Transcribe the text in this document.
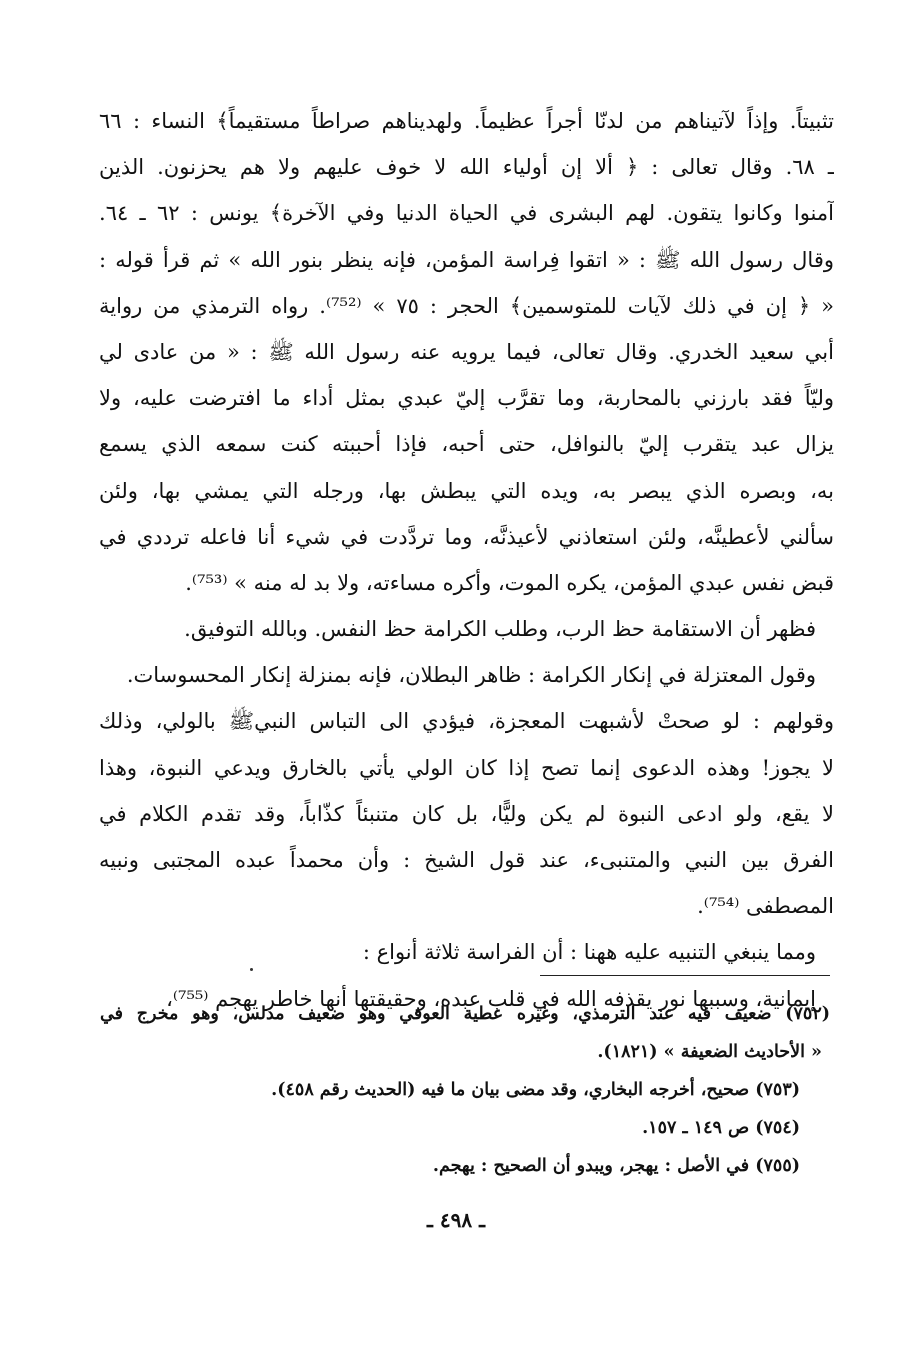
تثبيتاً. وإذاً لآتيناهم من لدنّا أجراً عظيماً. ولهديناهم صراطاً مستقيماً﴾ النساء : ٦٦
ـ ٦٨. وقال تعالى : ﴿ ألا إن أولياء الله لا خوف عليهم ولا هم يحزنون. الذين
آمنوا وكانوا يتقون. لهم البشرى في الحياة الدنيا وفي الآخرة﴾ يونس : ٦٢ ـ ٦٤.
وقال رسول الله ﷺ : « اتقوا فِراسة المؤمن، فإنه ينظر بنور الله » ثم قرأ قوله :
« ﴿ إن في ذلك لآيات للمتوسمين﴾ الحجر : ٧٥ » ⁽⁷⁵²⁾. رواه الترمذي من رواية
أبي سعيد الخدري. وقال تعالى، فيما يرويه عنه رسول الله ﷺ : « من عادى لي
وليّاً فقد بارزني بالمحاربة، وما تقرَّب إليّ عبدي بمثل أداء ما افترضت عليه، ولا
يزال عبد يتقرب إليّ بالنوافل، حتى أحبه، فإذا أحببته كنت سمعه الذي يسمع
به، وبصره الذي يبصر به، ويده التي يبطش بها، ورجله التي يمشي بها، ولئن
سألني لأعطينَّه، ولئن استعاذني لأعيذنَّه، وما تردَّدت في شيء أنا فاعله ترددي في
قبض نفس عبدي المؤمن، يكره الموت، وأكره مساءته، ولا بد له منه » ⁽⁷⁵³⁾.
فظهر أن الاستقامة حظ الرب، وطلب الكرامة حظ النفس. وبالله التوفيق.
وقول المعتزلة في إنكار الكرامة : ظاهر البطلان، فإنه بمنزلة إنكار المحسوسات.
وقولهم : لو صحتْ لأشبهت المعجزة، فيؤدي الى التباس النبيﷺ بالولي، وذلك
لا يجوز! وهذه الدعوى إنما تصح إذا كان الولي يأتي بالخارق ويدعي النبوة، وهذا
لا يقع، ولو ادعى النبوة لم يكن وليًّا، بل كان متنبئاً كذّاباً، وقد تقدم الكلام في
الفرق بين النبي والمتنبىء، عند قول الشيخ : وأن محمداً عبده المجتبى ونبيه
المصطفى ⁽⁷⁵⁴⁾.
ومما ينبغي التنبيه عليه ههنا : أن الفراسة ثلاثة أنواع :
إيمانية، وسببها نور يقذفه الله في قلب عبده، وحقيقتها أنها خاطر يهجم ⁽⁷⁵⁵⁾،
(٧٥٢) ضعيف فيه عند الترمذي، وغيره عطية العوفي وهو ضعيف مدلس، وهو مخرج في
« الأحاديث الضعيفة » (١٨٢١).
(٧٥٣) صحيح، أخرجه البخاري، وقد مضى بيان ما فيه (الحديث رقم ٤٥٨).
(٧٥٤) ص ١٤٩ ـ ١٥٧.
(٧٥٥) في الأصل : يهجر، ويبدو أن الصحيح : يهجم.
ـ ٤٩٨ ـ
